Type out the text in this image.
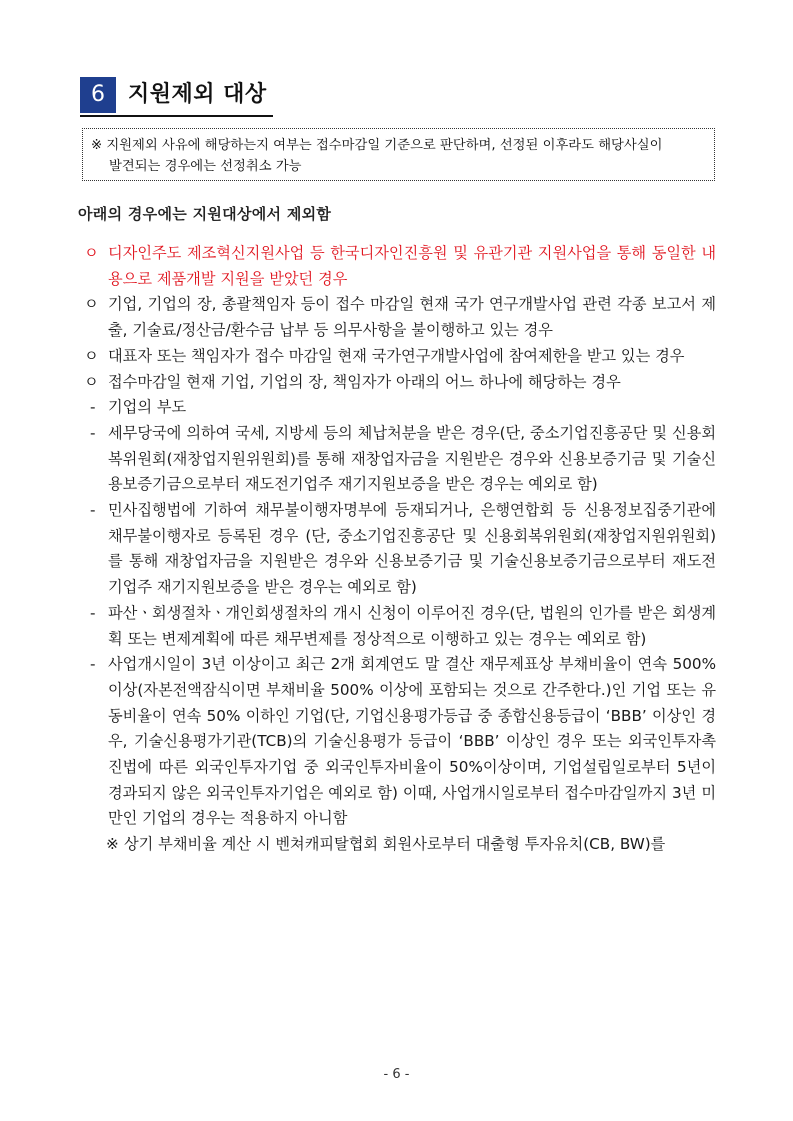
6	지원제외 대상
※ 지원제외 사유에 해당하는지 여부는 접수마감일 기준으로 판단하며, 선정된 이후라도 해당사실이
발견되는 경우에는 선정취소 가능
아래의 경우에는 지원대상에서 제외함
ㅇ 디자인주도 제조혁신지원사업 등 한국디자인진흥원 및 유관기관 지원사업을 통해 동일한 내용으로 제품개발 지원을 받았던 경우
ㅇ 기업, 기업의 장, 총괄책임자 등이 접수 마감일 현재 국가 연구개발사업 관련 각종 보고서 제출, 기술료/정산금/환수금 납부 등 의무사항을 불이행하고 있는 경우
ㅇ 대표자 또는 책임자가 접수 마감일 현재 국가연구개발사업에 참여제한을 받고 있는 경우
ㅇ 접수마감일 현재 기업, 기업의 장, 책임자가 아래의 어느 하나에 해당하는 경우
- 기업의 부도
- 세무당국에 의하여 국세, 지방세 등의 체납처분을 받은 경우(단, 중소기업진흥공단 및 신용회복위원회(재창업지원위원회)를 통해 재창업자금을 지원받은 경우와 신용보증기금 및 기술신용보증기금으로부터 재도전기업주 재기지원보증을 받은 경우는 예외로 함)
- 민사집행법에 기하여 채무불이행자명부에 등재되거나, 은행연합회 등 신용정보집중기관에 채무불이행자로 등록된 경우 (단, 중소기업진흥공단 및 신용회복위원회(재창업지원위원회)를 통해 재창업자금을 지원받은 경우와 신용보증기금 및 기술신용보증기금으로부터 재도전기업주 재기지원보증을 받은 경우는 예외로 함)
- 파산ㆍ회생절차ㆍ개인회생절차의 개시 신청이 이루어진 경우(단, 법원의 인가를 받은 회생계획 또는 변제계획에 따른 채무변제를 정상적으로 이행하고 있는 경우는 예외로 함)
- 사업개시일이 3년 이상이고 최근 2개 회계연도 말 결산 재무제표상 부채비율이 연속 500% 이상(자본전액잠식이면 부채비율 500% 이상에 포함되는 것으로 간주한다.)인 기업 또는 유동비율이 연속 50% 이하인 기업(단, 기업신용평가등급 중 종합신용등급이 ‘BBB’ 이상인 경우, 기술신용평가기관(TCB)의 기술신용평가 등급이 ‘BBB’ 이상인 경우 또는 외국인투자촉진법에 따른 외국인투자기업 중 외국인투자비율이 50%이상이며, 기업설립일로부터 5년이 경과되지 않은 외국인투자기업은 예외로 함) 이때, 사업개시일로부터 접수마감일까지 3년 미만인 기업의 경우는 적용하지 아니함
※ 상기 부채비율 계산 시 벤쳐캐피탈협회 회원사로부터 대출형 투자유치(CB, BW)를
- 6 -
